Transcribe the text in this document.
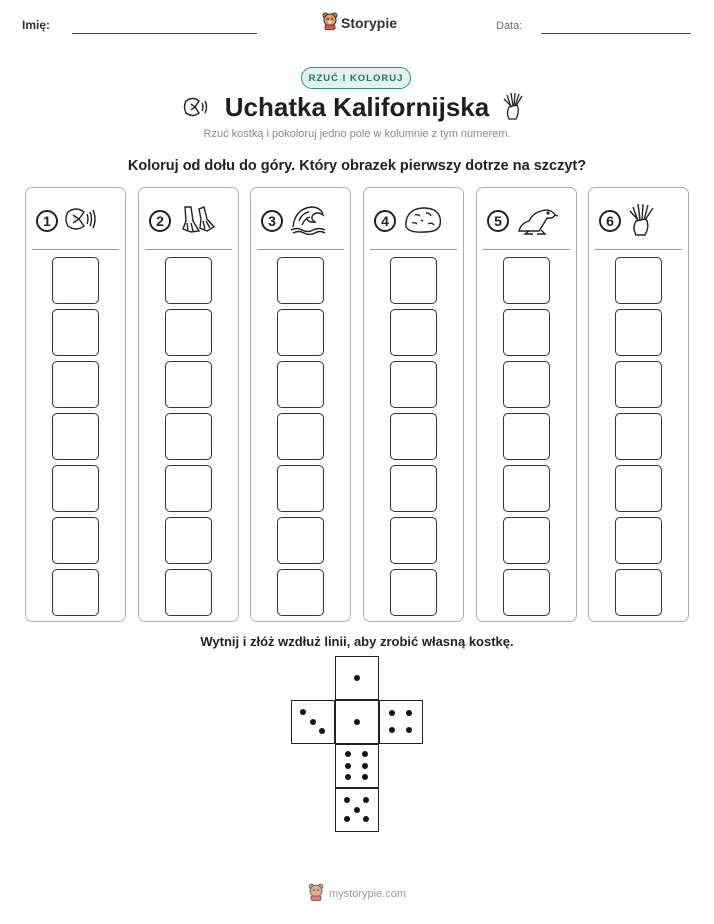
Imię:	Storypie	Data:
RZUĆ I KOLORUJ
Uchatka Kalifornijska
Rzuć kostką i pokoloruj jedno pole w kolumnie z tym numerem.
Koloruj od dołu do góry. Który obrazek pierwszy dotrze na szczyt?
1	2	3	4	5	6
Wytnij i złóż wzdłuż linii, aby zrobić własną kostkę.
mystorypie.com
